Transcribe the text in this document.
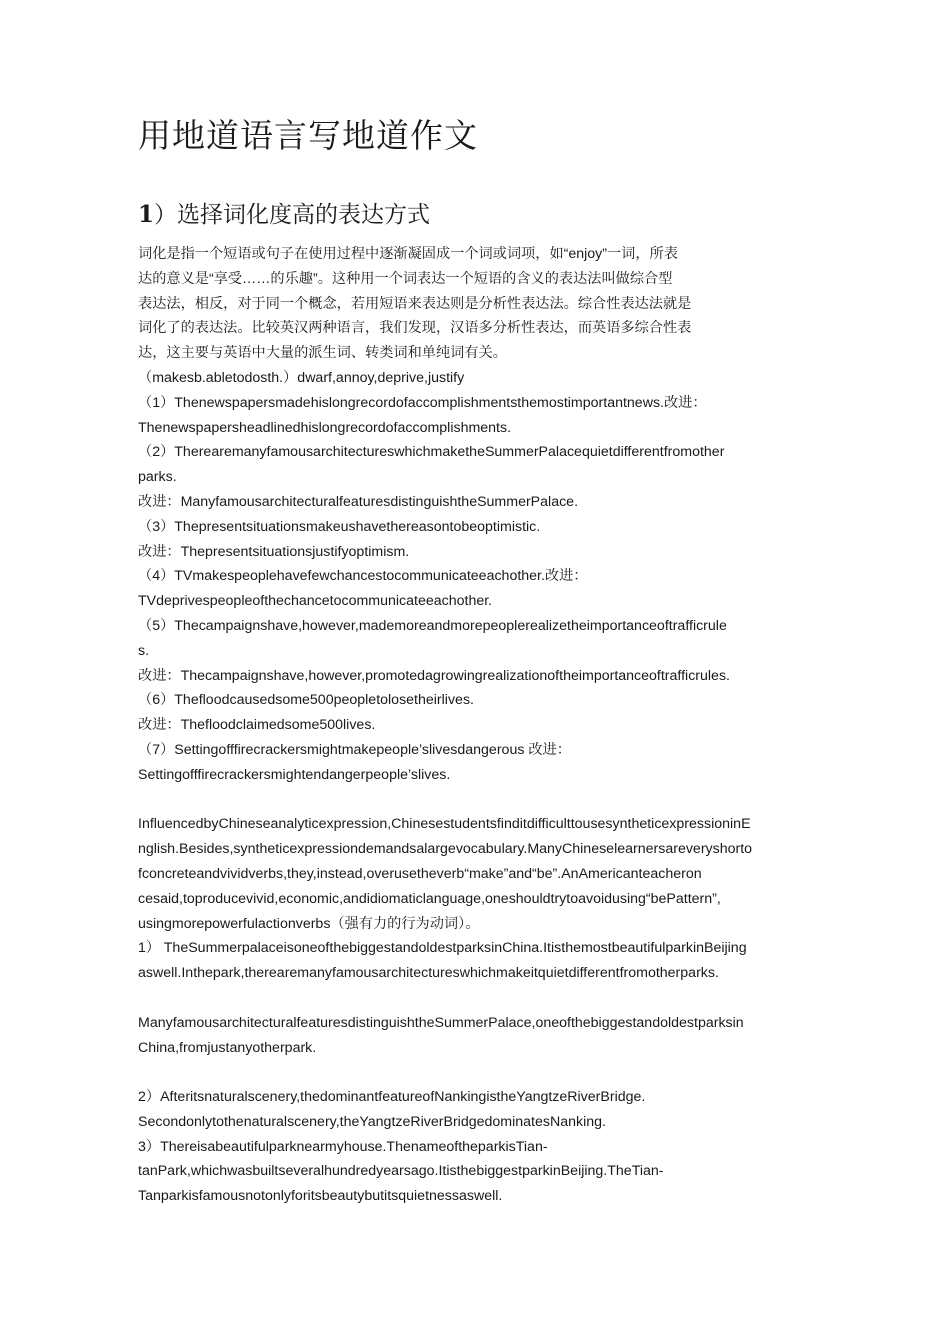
用地道语言写地道作文
1）选择词化度高的表达方式

词化是指一个短语或句子在使用过程中逐渐凝固成一个词或词项，如“enjoy”一词，所表

达的意义是“享受……的乐趣”。这种用一个词表达一个短语的含义的表达法叫做综合型

表达法，相反，对于同一个概念，若用短语来表达则是分析性表达法。综合性表达法就是

词化了的表达法。比较英汉两种语言，我们发现，汉语多分析性表达，而英语多综合性表

达，这主要与英语中大量的派生词、转类词和单纯词有关。

（makesb.abletodosth.）dwarf,annoy,deprive,justify

（1）Thenewspapersmadehislongrecordofaccomplishmentsthemostimportantnews.改进：

Thenewspapersheadlinedhislongrecordofaccomplishments.

（2）TherearemanyfamousarchitectureswhichmaketheSummerPalacequietdifferentfromother

parks.

改进：ManyfamousarchitecturalfeaturesdistinguishtheSummerPalace.

（3）Thepresentsituationsmakeushavethereasontobeoptimistic.

改进：Thepresentsituationsjustifyoptimism.

（4）TVmakespeoplehavefewchancestocommunicateeachother.改进：

TVdeprivespeopleofthechancetocommunicateeachother.

（5）Thecampaignshave,however,mademoreandmorepeoplerealizetheimportanceoftrafficrule

s.

改进：Thecampaignshave,however,promotedagrowingrealizationoftheimportanceoftrafficrules.

（6）Thefloodcausedsome500peopletolosetheirlives.

改进：Thefloodclaimedsome500lives.

（7）Settingofffirecrackersmightmakepeople’slivesdangerous 改进：

Settingofffirecrackersmightendangerpeople’slives.

InfluencedbyChineseanalyticexpression,ChinesestudentsfinditdifficulttousesyntheticexpressioninE

nglish.Besides,syntheticexpressiondemandsalargevocabulary.ManyChineselearnersareveryshorto

fconcreteandvividverbs,they,instead,overusetheverb“make”and“be”.AnAmericanteacheron

cesaid,toproducevivid,economic,andidiomaticlanguage,oneshouldtrytoavoidusing“bePattern”,

usingmorepowerfulactionverbs（强有力的行为动词）。

1） TheSummerpalaceisoneofthebiggestandoldestparksinChina.ItisthemostbeautifulparkinBeijing

aswell.Inthepark,therearemanyfamousarchitectureswhichmakeitquietdifferentfromotherparks.

ManyfamousarchitecturalfeaturesdistinguishtheSummerPalace,oneofthebiggestandoldestparksin

China,fromjustanyotherpark.

2）Afteritsnaturalscenery,thedominantfeatureofNankingistheYangtzeRiverBridge.

Secondonlytothenaturalscenery,theYangtzeRiverBridgedominatesNanking.

3）Thereisabeautifulparknearmyhouse.ThenameoftheparkisTian-

tanPark,whichwasbuiltseveralhundredyearsago.ItisthebiggestparkinBeijing.TheTian-

Tanparkisfamousnotonlyforitsbeautybutitsquietnessaswell.
